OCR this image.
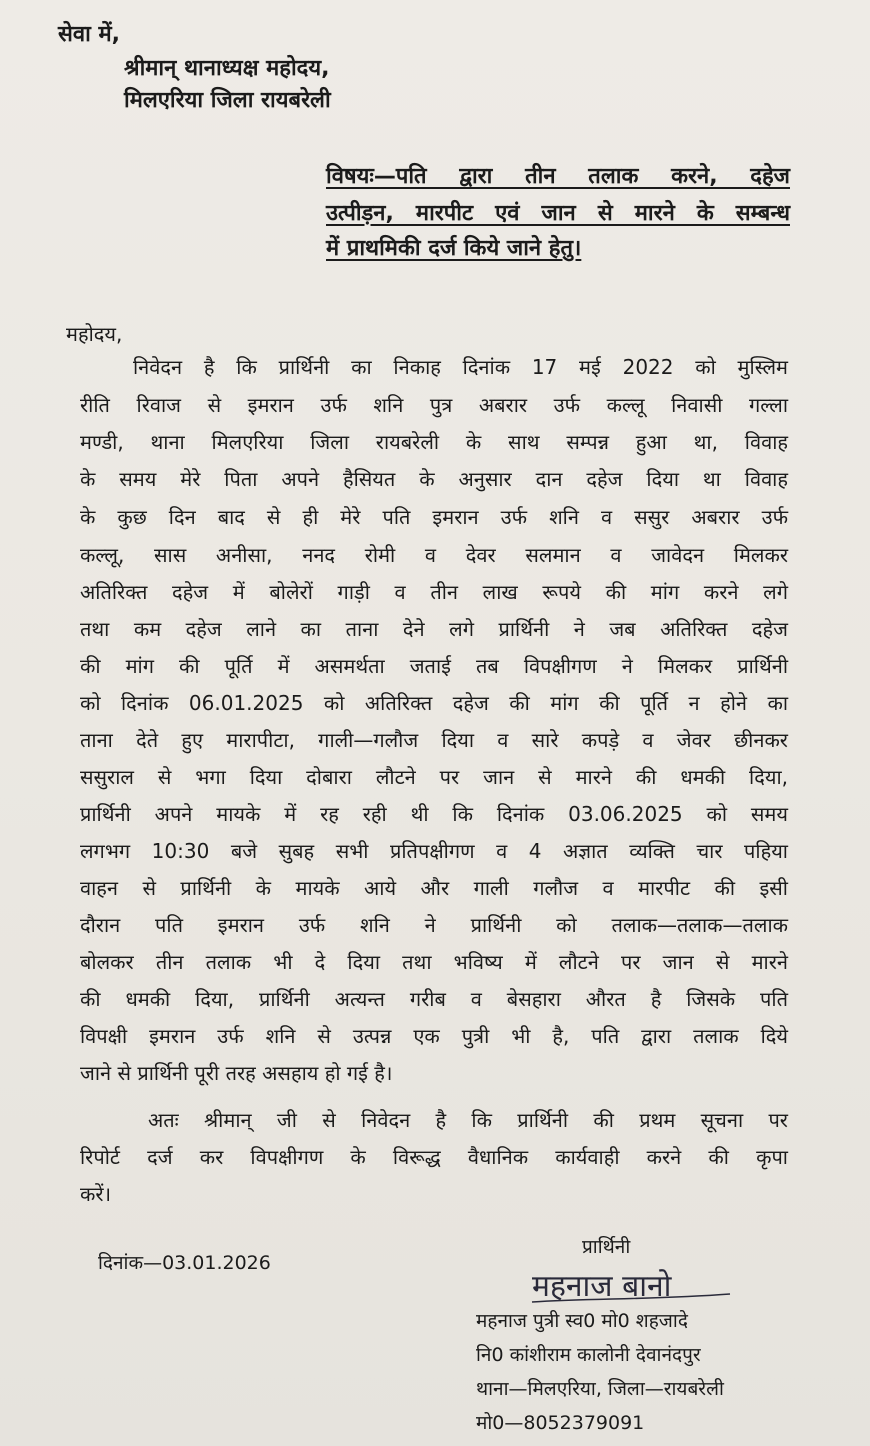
सेवा में,

श्रीमान् थानाध्यक्ष महोदय,

मिलएरिया जिला रायबरेली

विषयः—पति द्वारा तीन तलाक करने, दहेज

उत्पीड़न, मारपीट एवं जान से मारने के सम्बन्ध

में प्राथमिकी दर्ज किये जाने हेतु।

महोदय,

निवेदन है कि प्रार्थिनी का निकाह दिनांक 17 मई 2022 को मुस्लिम

रीति रिवाज से इमरान उर्फ शनि पुत्र अबरार उर्फ कल्लू निवासी गल्ला

मण्डी, थाना मिलएरिया जिला रायबरेली के साथ सम्पन्न हुआ था, विवाह

के समय मेरे पिता अपने हैसियत के अनुसार दान दहेज दिया था विवाह

के कुछ दिन बाद से ही मेरे पति इमरान उर्फ शनि व ससुर अबरार उर्फ

कल्लू, सास अनीसा, ननद रोमी व देवर सलमान व जावेदन मिलकर

अतिरिक्त दहेज में बोलेरों गाड़ी व तीन लाख रूपये की मांग करने लगे

तथा कम दहेज लाने का ताना देने लगे प्रार्थिनी ने जब अतिरिक्त दहेज

की मांग की पूर्ति में असमर्थता जताई तब विपक्षीगण ने मिलकर प्रार्थिनी

को दिनांक 06.01.2025 को अतिरिक्त दहेज की मांग की पूर्ति न होने का

ताना देते हुए मारापीटा, गाली—गलौज दिया व सारे कपड़े व जेवर छीनकर

ससुराल से भगा दिया दोबारा लौटने पर जान से मारने की धमकी दिया,

प्रार्थिनी अपने मायके में रह रही थी कि दिनांक 03.06.2025 को समय

लगभग 10:30 बजे सुबह सभी प्रतिपक्षीगण व 4 अज्ञात व्यक्ति चार पहिया

वाहन से प्रार्थिनी के मायके आये और गाली गलौज व मारपीट की इसी

दौरान पति इमरान उर्फ शनि ने प्रार्थिनी को तलाक—तलाक—तलाक

बोलकर तीन तलाक भी दे दिया तथा भविष्य में लौटने पर जान से मारने

की धमकी दिया, प्रार्थिनी अत्यन्त गरीब व बेसहारा औरत है जिसके पति

विपक्षी इमरान उर्फ शनि से उत्पन्न एक पुत्री भी है, पति द्वारा तलाक दिये

जाने से प्रार्थिनी पूरी तरह असहाय हो गई है।

अतः श्रीमान् जी से निवेदन है कि प्रार्थिनी की प्रथम सूचना पर

रिपोर्ट दर्ज कर विपक्षीगण के विरूद्ध वैधानिक कार्यवाही करने की कृपा

करें।

दिनांक—03.01.2026

प्रार्थिनी

महनाज बानो

महनाज पुत्री स्व0 मो0 शहजादे

नि0 कांशीराम कालोनी देवानंदपुर

थाना—मिलएरिया, जिला—रायबरेली

मो0—8052379091
